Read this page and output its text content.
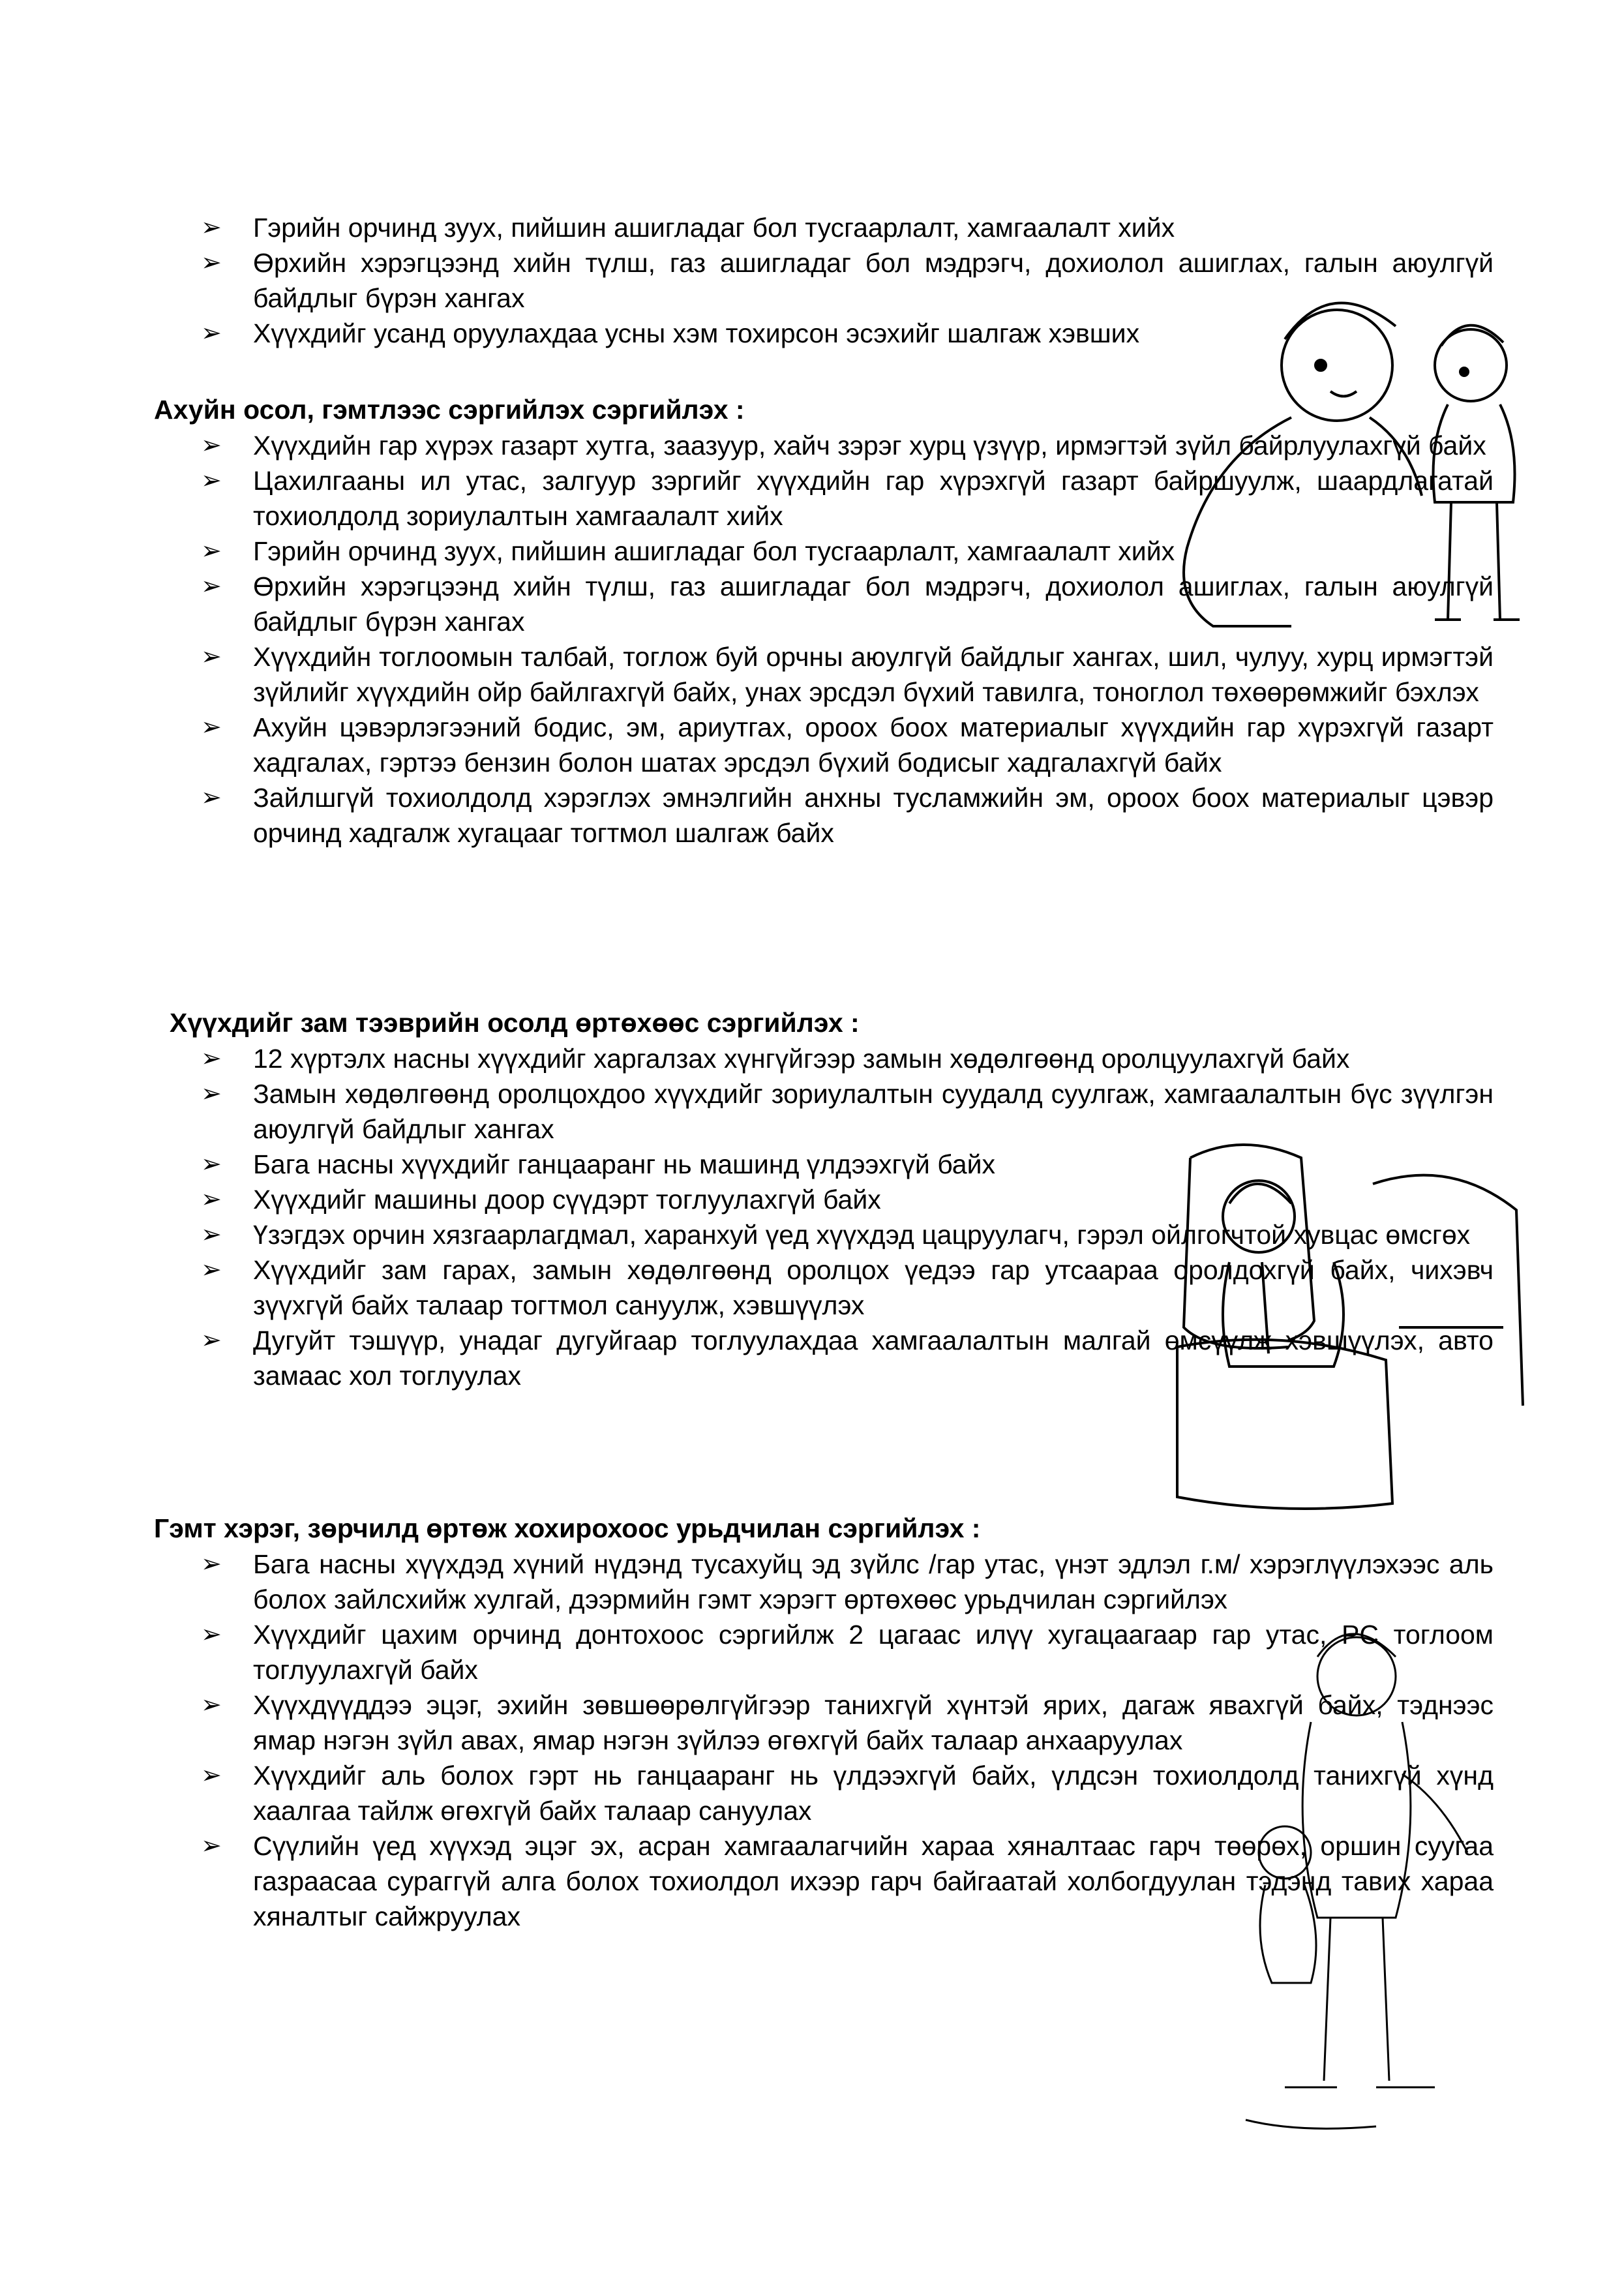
➢ Гэрийн орчинд зуух, пийшин ашигладаг бол тусгаарлалт, хамгаалалт хийх
➢ Өрхийн хэрэгцээнд хийн түлш, газ ашигладаг бол мэдрэгч, дохиолол ашиглах, галын аюулгүй байдлыг бүрэн хангах
➢ Хүүхдийг усанд оруулахдаа усны хэм тохирсон эсэхийг шалгаж хэвших
Ахуйн осол, гэмтлээс сэргийлэх сэргийлэх :
➢ Хүүхдийн гар хүрэх газарт хутга, заазуур, хайч зэрэг хурц үзүүр, ирмэгтэй зүйл байрлуулахгүй байх
➢ Цахилгааны ил утас, залгуур зэргийг хүүхдийн гар хүрэхгүй газарт байршуулж, шаардлагатай тохиолдолд зориулалтын хамгаалалт хийх
➢ Гэрийн орчинд зуух, пийшин ашигладаг бол тусгаарлалт, хамгаалалт хийх
➢ Өрхийн хэрэгцээнд хийн түлш, газ ашигладаг бол мэдрэгч, дохиолол ашиглах, галын аюулгүй байдлыг бүрэн хангах
➢ Хүүхдийн тоглоомын талбай, тоглож буй орчны аюулгүй байдлыг хангах, шил, чулуу, хурц ирмэгтэй зүйлийг хүүхдийн ойр байлгахгүй байх, унах эрсдэл бүхий тавилга, тоноглол төхөөрөмжийг бэхлэх
➢ Ахуйн цэвэрлэгээний бодис, эм, ариутгах, ороох боох материалыг хүүхдийн гар хүрэхгүй газарт хадгалах, гэртээ бензин болон шатах эрсдэл бүхий бодисыг хадгалахгүй байх
➢ Зайлшгүй тохиолдолд хэрэглэх эмнэлгийн анхны тусламжийн эм, ороох боох материалыг цэвэр орчинд хадгалж хугацааг тогтмол шалгаж байх
Хүүхдийг зам тээврийн осолд өртөхөөс сэргийлэх :
➢ 12 хүртэлх насны хүүхдийг харгалзах хүнгүйгээр замын хөдөлгөөнд оролцуулахгүй байх
➢ Замын хөдөлгөөнд оролцохдоо хүүхдийг зориулалтын суудалд суулгаж, хамгаалалтын бүс зүүлгэн аюулгүй байдлыг хангах
➢ Бага насны хүүхдийг ганцааранг нь машинд үлдээхгүй байх
➢ Хүүхдийг машины доор сүүдэрт тоглуулахгүй байх
➢ Үзэгдэх орчин хязгаарлагдмал, харанхуй үед хүүхдэд цацруулагч, гэрэл ойлгогчтой хувцас өмсгөх
➢ Хүүхдийг зам гарах, замын хөдөлгөөнд оролцох үедээ гар утсаараа оролдохгүй байх, чихэвч зүүхгүй байх талаар тогтмол сануулж, хэвшүүлэх
➢ Дугуйт тэшүүр, унадаг дугуйгаар тоглуулахдаа хамгаалалтын малгай өмсүүлж хэвшүүлэх, авто замаас хол тоглуулах
Гэмт хэрэг, зөрчилд өртөж хохирохоос урьдчилан сэргийлэх :
➢ Бага насны хүүхдэд хүний нүдэнд тусахуйц эд зүйлс /гар утас, үнэт эдлэл г.м/ хэрэглүүлэхээс аль болох зайлсхийж хулгай, дээрмийн гэмт хэрэгт өртөхөөс урьдчилан сэргийлэх
➢ Хүүхдийг цахим орчинд донтохоос сэргийлж 2 цагаас илүү хугацаагаар гар утас, PC тоглоом тоглуулахгүй байх
➢ Хүүхдүүддээ эцэг, эхийн зөвшөөрөлгүйгээр танихгүй хүнтэй ярих, дагаж явахгүй байх, тэднээс ямар нэгэн зүйл авах, ямар нэгэн зүйлээ өгөхгүй байх талаар анхааруулах
➢ Хүүхдийг аль болох гэрт нь ганцааранг нь үлдээхгүй байх, үлдсэн тохиолдолд танихгүй хүнд хаалгаа тайлж өгөхгүй байх талаар сануулах
➢ Сүүлийн үед хүүхэд эцэг эх, асран хамгаалагчийн хараа хяналтаас гарч төөрөх, оршин суугаа газраасаа сураггүй алга болох тохиолдол ихээр гарч байгаатай холбогдуулан тэдэнд тавих хараа хяналтыг сайжруулах
